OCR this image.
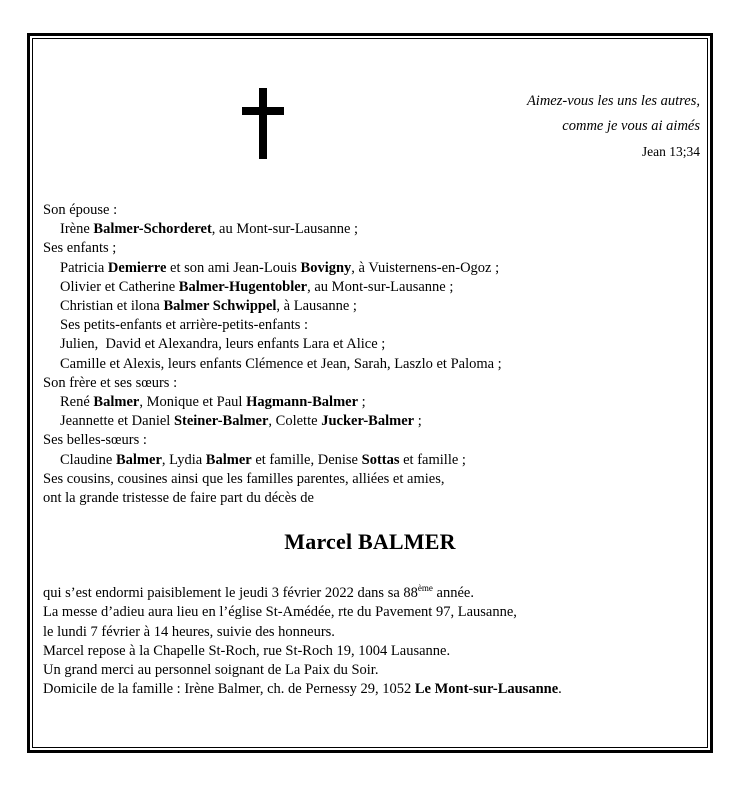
Aimez-vous les uns les autres,
comme je vous ai aimés
Jean 13;34
Son épouse :
Irène Balmer-Schorderet, au Mont-sur-Lausanne ;
Ses enfants ;
Patricia Demierre et son ami Jean-Louis Bovigny, à Vuisternens-en-Ogoz ;
Olivier et Catherine Balmer-Hugentobler, au Mont-sur-Lausanne ;
Christian et ilona Balmer Schwippel, à Lausanne ;
Ses petits-enfants et arrière-petits-enfants :
Julien,  David et Alexandra, leurs enfants Lara et Alice ;
Camille et Alexis, leurs enfants Clémence et Jean, Sarah, Laszlo et Paloma ;
Son frère et ses sœurs :
René Balmer, Monique et Paul Hagmann-Balmer ;
Jeannette et Daniel Steiner-Balmer, Colette Jucker-Balmer ;
Ses belles-sœurs :
Claudine Balmer, Lydia Balmer et famille, Denise Sottas et famille ;
Ses cousins, cousines ainsi que les familles parentes, alliées et amies,
ont la grande tristesse de faire part du décès de
Marcel BALMER
qui s’est endormi paisiblement le jeudi 3 février 2022 dans sa 88ème année.
La messe d’adieu aura lieu en l’église St-Amédée, rte du Pavement 97, Lausanne,
le lundi 7 février à 14 heures, suivie des honneurs.
Marcel repose à la Chapelle St-Roch, rue St-Roch 19, 1004 Lausanne.
Un grand merci au personnel soignant de La Paix du Soir.
Domicile de la famille : Irène Balmer, ch. de Pernessy 29, 1052 Le Mont-sur-Lausanne.
